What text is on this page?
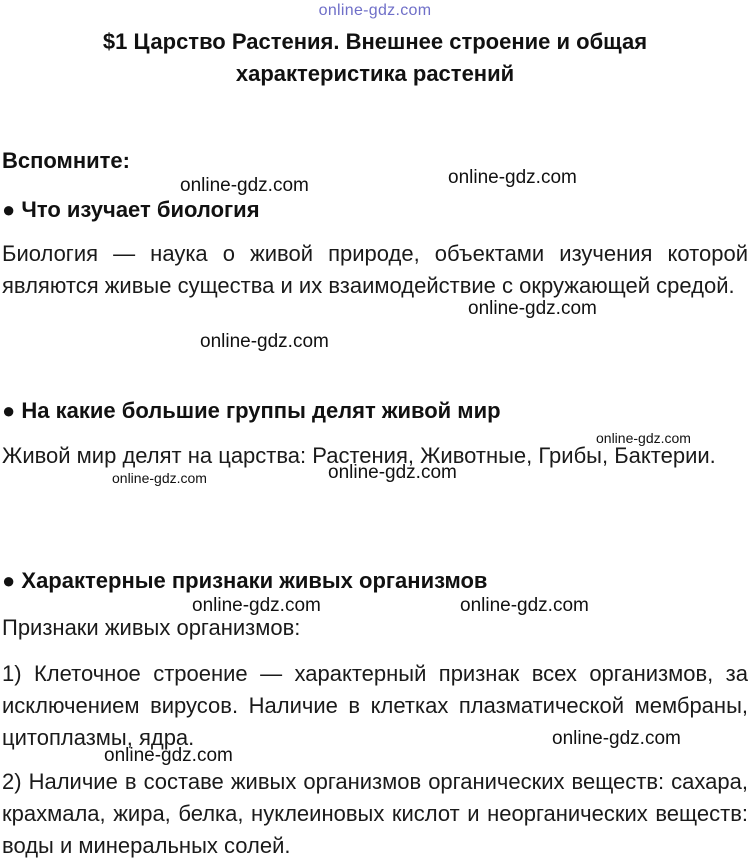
online-gdz.com
$1 Царство Растения. Внешнее строение и общая
характеристика растений
Вспомните:
● Что изучает биология
Биология — наука о живой природе, объектами изучения которой являются живые существа и их взаимодействие с окружающей средой.
● На какие большие группы делят живой мир
Живой мир делят на царства: Растения, Животные, Грибы, Бактерии.
● Характерные признаки живых организмов
Признаки живых организмов:
1) Клеточное строение — характерный признак всех организмов, за исключением вирусов. Наличие в клетках плазматической мембраны, цитоплазмы, ядра.
2) Наличие в составе живых организмов органических веществ: сахара, крахмала, жира, белка, нуклеиновых кислот и неорганических веществ: воды и минеральных солей.
online-gdz.com	online-gdz.com
online-gdz.com
online-gdz.com
online-gdz.com
online-gdz.com
online-gdz.com
online-gdz.com	online-gdz.com
online-gdz.com
online-gdz.com
